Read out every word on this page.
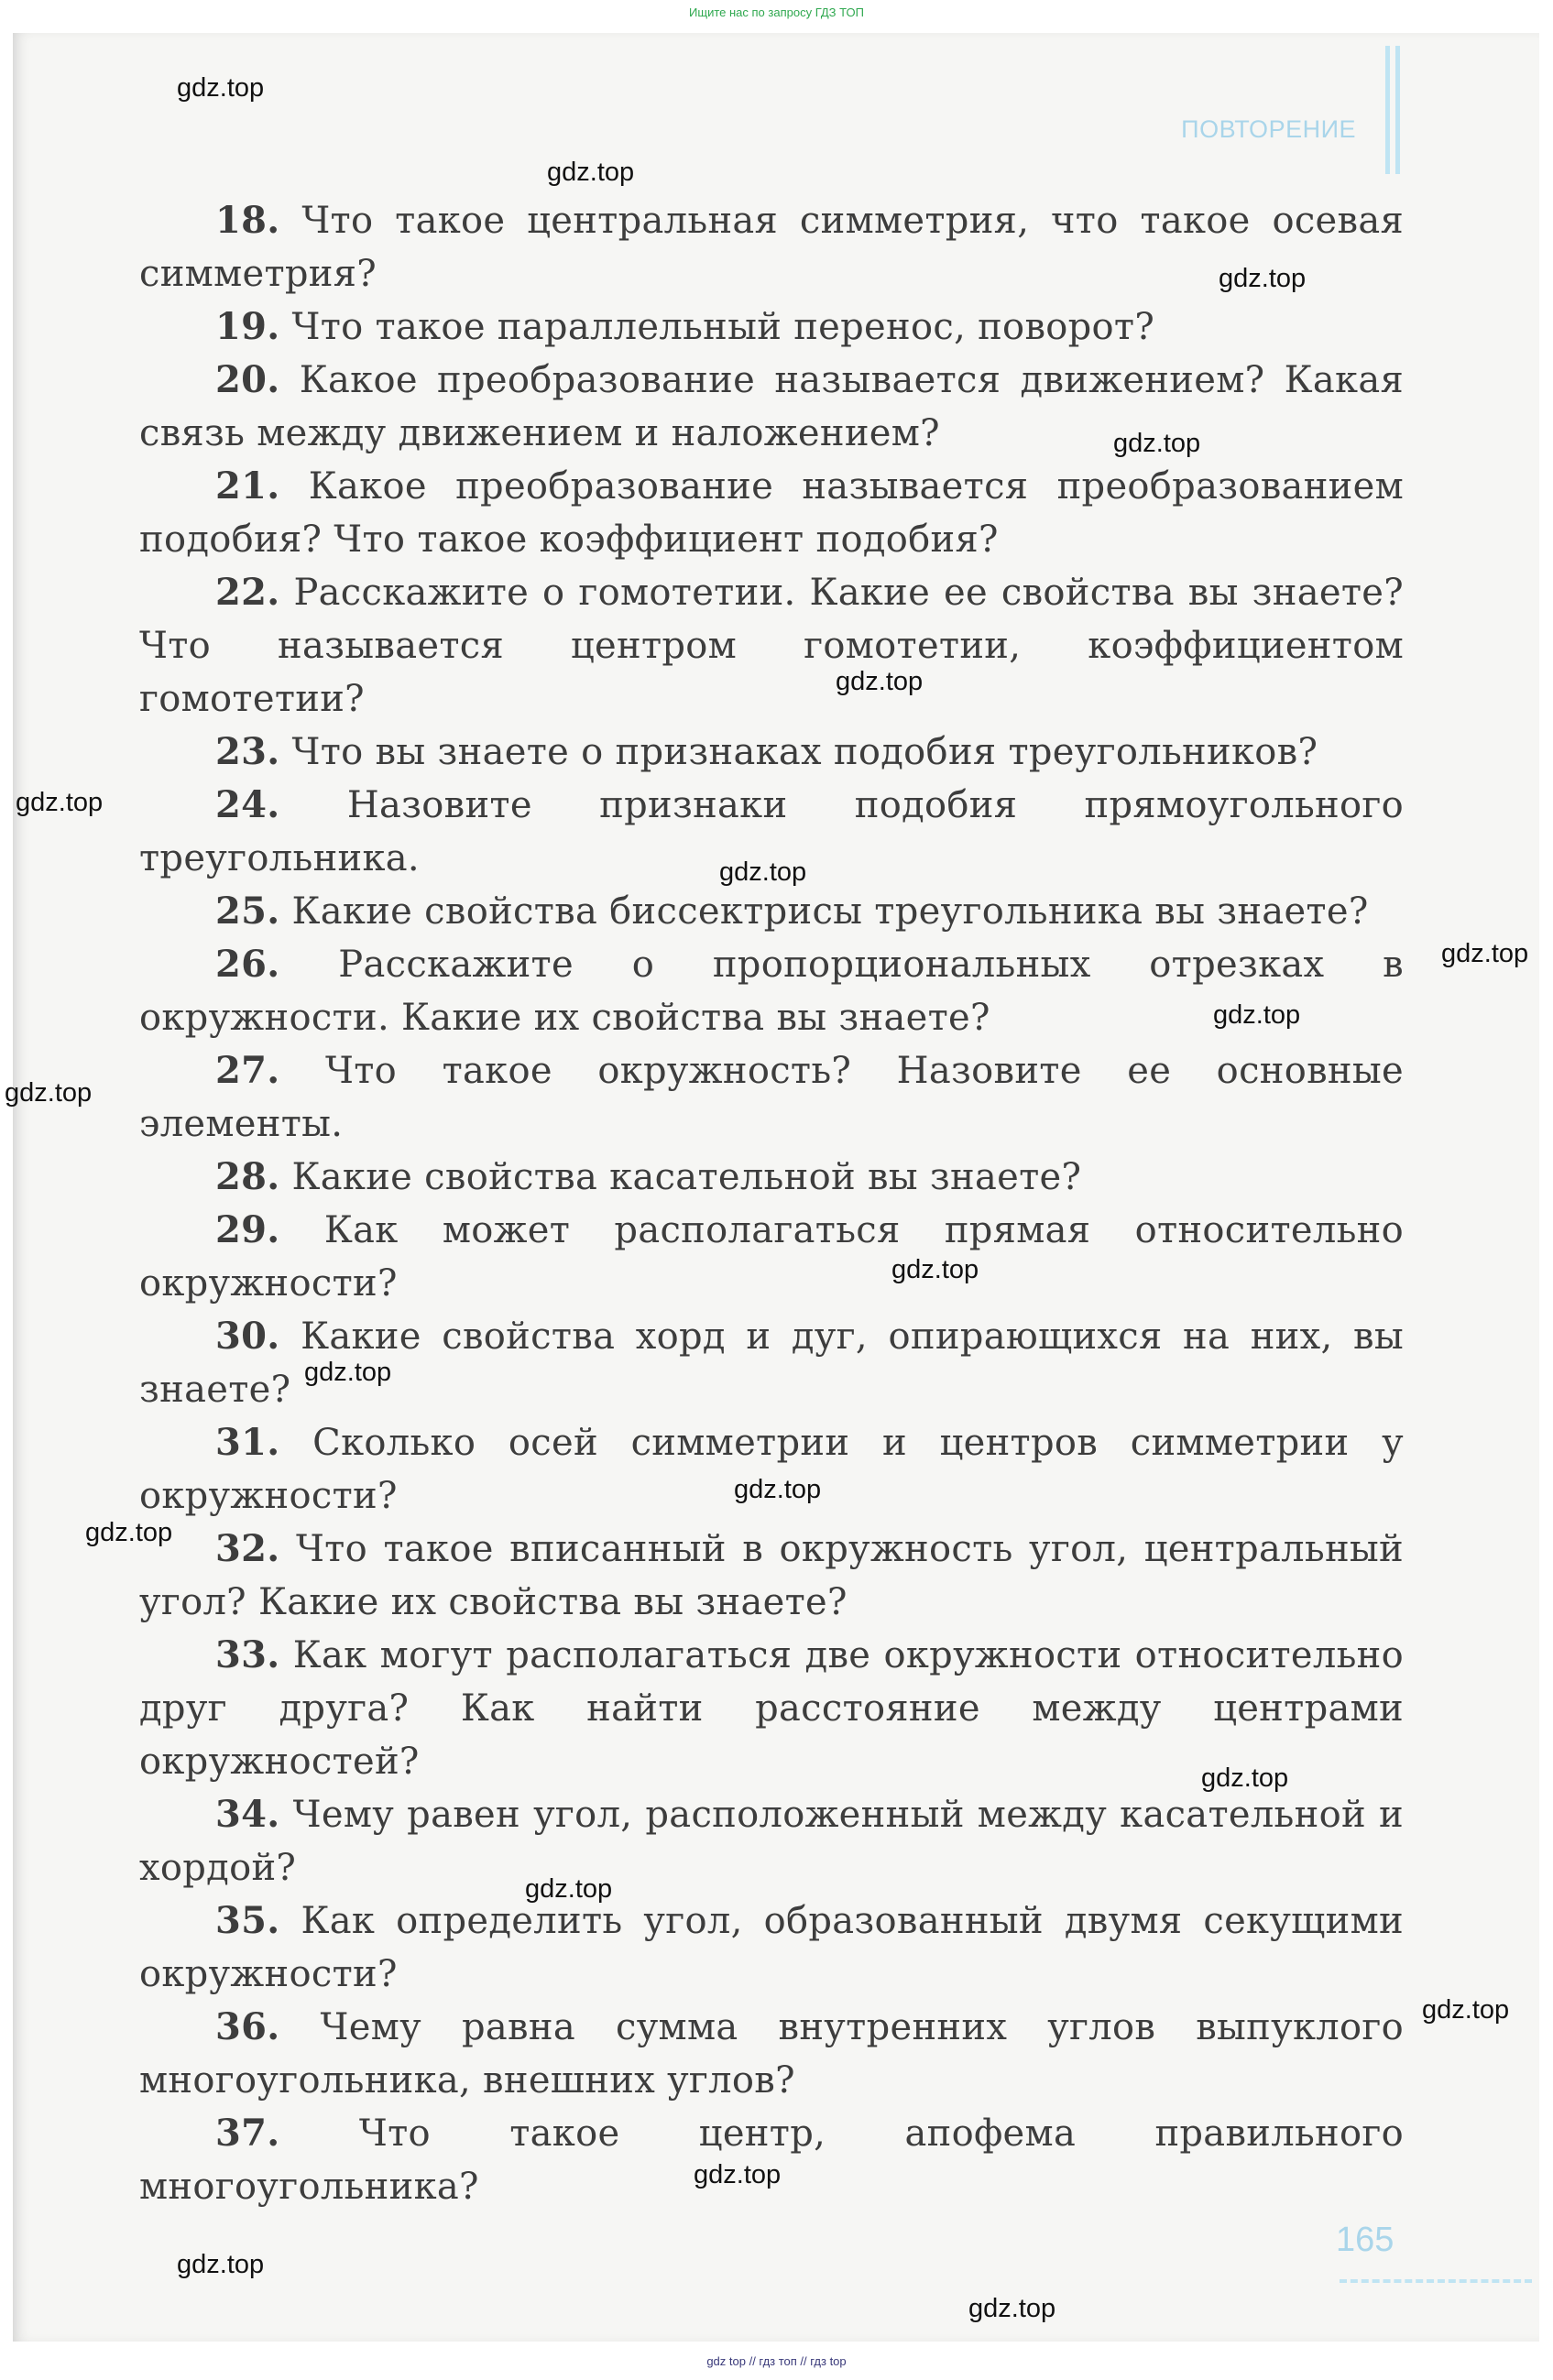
Ищите нас по запросу ГДЗ ТОП
ПОВТОРЕНИЕ

18. Что такое центральная симметрия, что такое осевая симметрия?

19. Что такое параллельный перенос, поворот?

20. Какое преобразование называется движением? Какая связь между движением и наложением?

21. Какое преобразование называется преобразованием подобия? Что такое коэффициент подобия?

22. Расскажите о гомотетии. Какие ее свойства вы знаете? Что называется центром гомотетии, коэффициентом гомотетии?

23. Что вы знаете о признаках подобия треугольников?

24. Назовите признаки подобия прямоугольного треугольника.

25. Какие свойства биссектрисы треугольника вы знаете?

26. Расскажите о пропорциональных отрезках в окружности. Какие их свойства вы знаете?

27. Что такое окружность? Назовите ее основные элементы.

28. Какие свойства касательной вы знаете?

29. Как может располагаться прямая относительно окружности?

30. Какие свойства хорд и дуг, опирающихся на них, вы знаете?

31. Сколько осей симметрии и центров симметрии у окружности?

32. Что такое вписанный в окружность угол, центральный угол? Какие их свойства вы знаете?

33. Как могут располагаться две окружности относительно друг друга? Как найти расстояние между центрами окружностей?

34. Чему равен угол, расположенный между касательной и хордой?

35. Как определить угол, образованный двумя секущими окружности?

36. Чему равна сумма внутренних углов выпуклого многоугольника, внешних углов?

37. Что такое центр, апофема правильного многоугольника?

gdz.top
gdz.top
gdz.top
gdz.top
gdz.top
gdz.top
gdz.top
gdz.top
gdz.top
gdz.top
gdz.top
gdz.top
gdz.top
gdz.top
gdz.top
gdz.top
gdz.top
gdz.top
gdz.top
gdz.top
165
gdz top // гдз топ // гдз top
